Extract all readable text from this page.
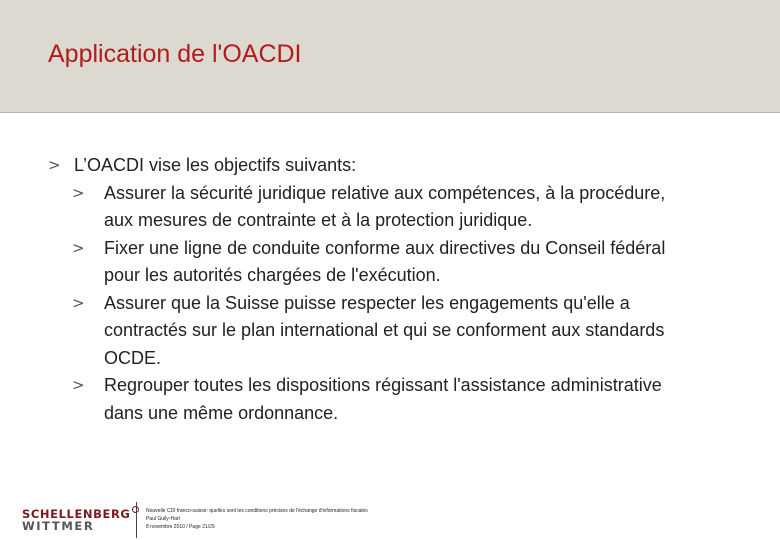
Application de l'OACDI
> L’OACDI vise les objectifs suivants:
>	Assurer la sécurité juridique relative aux compétences, à la procédure,
aux mesures de contrainte et à la protection juridique.
>	Fixer une ligne de conduite conforme aux directives du Conseil fédéral
pour les autorités chargées de l'exécution.
>	Assurer que la Suisse puisse respecter les engagements qu'elle a
contractés sur le plan international et qui se conforment aux standards
OCDE.
>	Regrouper toutes les dispositions régissant l'assistance administrative
dans une même ordonnance.
SCHELLENBERG
WITTMER
Nouvelle CDI franco-suisse: quelles sont les conditions précises de l'échange d'informations fiscales
Paul Gully-Hart
8 novembre 2010 / Page 21/29
